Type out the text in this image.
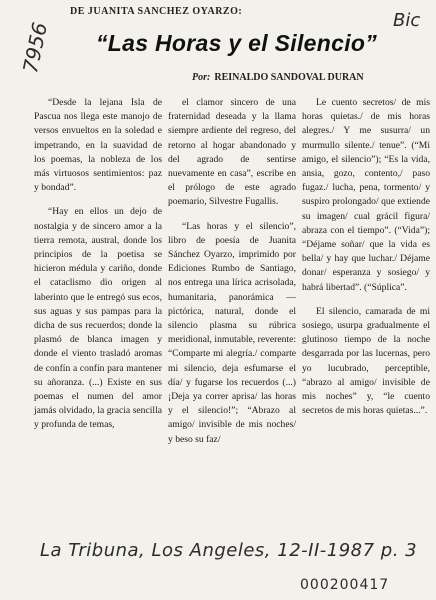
DE JUANITA SANCHEZ OYARZO:
“Las Horas y el Silencio”
Por: REINALDO SANDOVAL DURAN
7956	Bic

“Desde la lejana Isla de Pascua nos llega este manojo de versos envueltos en la soledad e impetrando, en la suavidad de los poemas, la nobleza de los más virtuosos sentimientos: paz y bondad”.

“Hay en ellos un dejo de nostalgia y de sincero amor a la tierra remota, austral, donde los principios de la poetisa se hicieron médula y cariño, donde el cataclismo dio origen al laberinto que le entregó sus ecos, sus aguas y sus pampas para la dicha de sus recuerdos; donde la plasmó de blanca imagen y donde el viento trasladó aromas de confín a confín para mantener su añoranza. (...) Existe en sus poemas el numen del amor jamás olvidado, la gracia sencilla y profunda de temas,

el clamor sincero de una fraternidad deseada y la llama siempre ardiente del regreso, del retorno al hogar abandonado y del agrado de sentirse nuevamente en casa”, escribe en el prólogo de este agrado poemario, Silvestre Fugallis.

“Las horas y el silencio”, libro de poesía de Juanita Sánchez Oyarzo, imprimido por Ediciones Rumbo de Santiago, nos entrega una lírica acrisolada, humanitaria, panorámica — pictórica, natural, donde el silencio plasma su rúbrica meridional, inmutable, reverente: “Comparte mi alegría./ comparte mi silencio, deja esfumarse el día/ y fugarse los recuerdos (...) ¡Deja ya correr aprisa/ las horas y el silencio!”; “Abrazo al amigo/ invisible de mis noches/ y beso su faz/

Le cuento secretos/ de mis horas quietas./ de mis horas alegres./ Y me susurra/ un murmullo silente./ tenue”. (“Mi amigo, el silencio”); “Es la vida, ansia, gozo, contento,/ paso fugaz./ lucha, pena, tormento/ y suspiro prolongado/ que extiende su imagen/ cual grácil figura/ abraza con el tiempo”. (“Vida”); “Déjame soñar/ que la vida es bella/ y hay que luchar./ Déjame donar/ esperanza y sosiego/ y habrá libertad”. (“Súplica”.

El silencio, camarada de mi sosiego, usurpa gradualmente el glutinoso tiempo de la noche desgarrada por las lucernas, pero yo lucubrado, perceptible, “abrazo al amigo/ invisible de mis noches” y, “le cuento secretos de mis horas quietas...”.

La Tribuna, Los Angeles, 12-II-1987 p. 3
000200417
